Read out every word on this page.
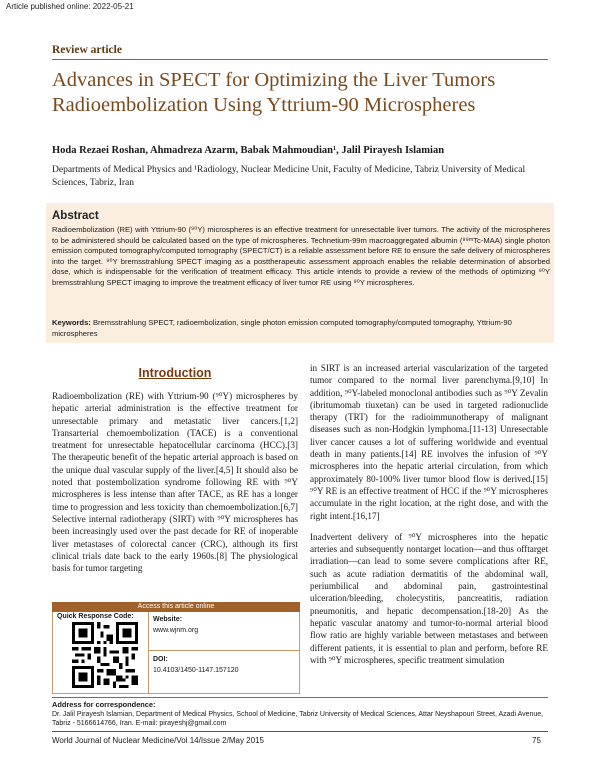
Article published online: 2022-05-21
Review article
Advances in SPECT for Optimizing the Liver Tumors Radioembolization Using Yttrium-90 Microspheres
Hoda Rezaei Roshan, Ahmadreza Azarm, Babak Mahmoudian¹, Jalil Pirayesh Islamian
Departments of Medical Physics and ¹Radiology, Nuclear Medicine Unit, Faculty of Medicine, Tabriz University of Medical Sciences, Tabriz, Iran
Abstract
Radioembolization (RE) with Yttrium-90 (⁹⁰Y) microspheres is an effective treatment for unresectable liver tumors. The activity of the microspheres to be administered should be calculated based on the type of microspheres. Technetium-99m macroaggregated albumin (⁹⁹ᵐTc-MAA) single photon emission computed tomography/computed tomography (SPECT/CT) is a reliable assessment before RE to ensure the safe delivery of microspheres into the target. ⁹⁰Y bremsstrahlung SPECT imaging as a posttherapeutic assessment approach enables the reliable determination of absorbed dose, which is indispensable for the verification of treatment efficacy. This article intends to provide a review of the methods of optimizing ⁹⁰Y bremsstrahlung SPECT imaging to improve the treatment efficacy of liver tumor RE using ⁹⁰Y microspheres.
Keywords: Bremsstrahlung SPECT, radioembolization, single photon emission computed tomography/computed tomography, Yttrium-90 microspheres
Introduction

Radioembolization (RE) with Yttrium-90 (⁹⁰Y) microspheres by hepatic arterial administration is the effective treatment for unresectable primary and metastatic liver cancers.[1,2] Transarterial chemoembolization (TACE) is a conventional treatment for unresectable hepatocellular carcinoma (HCC).[3] The therapeutic benefit of the hepatic arterial approach is based on the unique dual vascular supply of the liver.[4,5] It should also be noted that postembolization syndrome following RE with ⁹⁰Y microspheres is less intense than after TACE, as RE has a longer time to progression and less toxicity than chemoembolization.[6,7] Selective internal radiotherapy (SIRT) with ⁹⁰Y microspheres has been increasingly used over the past decade for RE of inoperable liver metastases of colorectal cancer (CRC), although its first clinical trials date back to the early 1960s.[8] The physiological basis for tumor targeting

in SIRT is an increased arterial vascularization of the targeted tumor compared to the normal liver parenchyma.[9,10] In addition, ⁹⁰Y-labeled monoclonal antibodies such as ⁹⁰Y Zevalin (ibritumomab tiuxetan) can be used in targeted radionuclide therapy (TRT) for the radioimmunotherapy of malignant diseases such as non-Hodgkin lymphoma.[11-13] Unresectable liver cancer causes a lot of suffering worldwide and eventual death in many patients.[14] RE involves the infusion of ⁹⁰Y microspheres into the hepatic arterial circulation, from which approximately 80-100% liver tumor blood flow is derived.[15] ⁹⁰Y RE is an effective treatment of HCC if the ⁹⁰Y microspheres accumulate in the right location, at the right dose, and with the right intent.[16,17]

Inadvertent delivery of ⁹⁰Y microspheres into the hepatic arteries and subsequently nontarget location—and thus offtarget irradiation—can lead to some severe complications after RE, such as acute radiation dermatitis of the abdominal wall, periumbilical and abdominal pain, gastrointestinal ulceration/bleeding, cholecystitis, pancreatitis, radiation pneumonitis, and hepatic decompensation.[18-20] As the hepatic vascular anatomy and tumor-to-normal arterial blood flow ratio are highly variable between metastases and between different patients, it is essential to plan and perform, before RE with ⁹⁰Y microspheres, specific treatment simulation

Access this article online
Quick Response Code:	Website:
www.wjnm.org
DOI:
10.4103/1450-1147.157120
Address for correspondence:
Dr. Jalil Pirayesh Islamian, Department of Medical Physics, School of Medicine, Tabriz University of Medical Sciences, Attar Neyshapouri Street, Azadi Avenue, Tabriz - 5166614766, Iran. E-mail: pirayeshj@gmail.com
World Journal of Nuclear Medicine/Vol 14/Issue 2/May 2015	75
